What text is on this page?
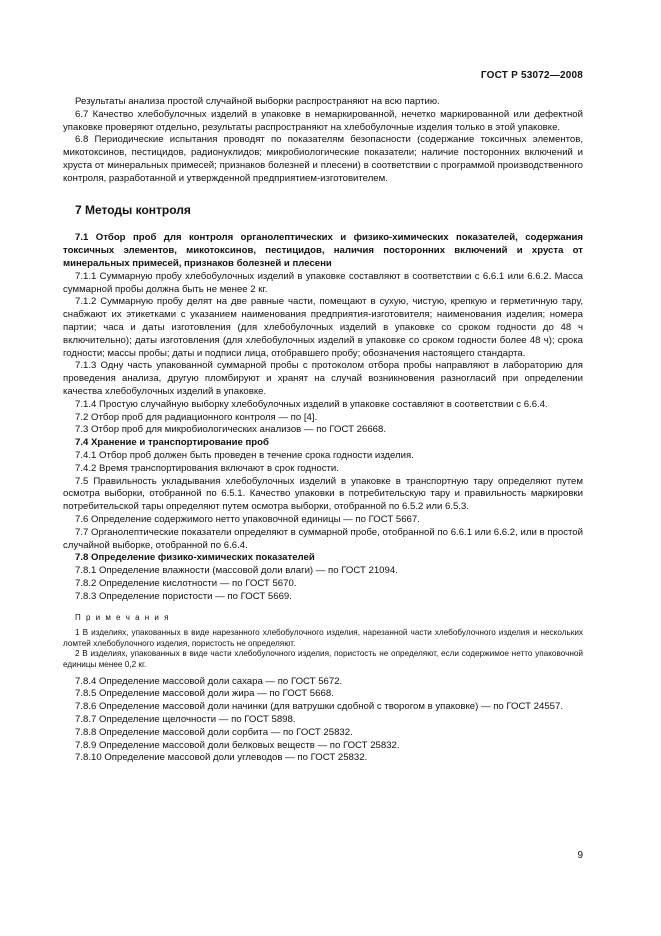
ГОСТ Р 53072—2008

Результаты анализа простой случайной выборки распространяют на всю партию.

6.7 Качество хлебобулочных изделий в упаковке в немаркированной, нечетко маркированной или дефектной упаковке проверяют отдельно, результаты распространяют на хлебобулочные изделия только в этой упаковке.

6.8 Периодические испытания проводят по показателям безопасности (содержание токсичных элементов, микотоксинов, пестицидов, радионуклидов; микробиологические показатели; наличие посторонних включений и хруста от минеральных примесей; признаков болезней и плесени) в соответствии с программой производственного контроля, разработанной и утвержденной предприятием-изготовителем.

7 Методы контроля

7.1 Отбор проб для контроля органолептических и физико-химических показателей, содержания токсичных элементов, микотоксинов, пестицидов, наличия посторонних включений и хруста от минеральных примесей, признаков болезней и плесени

7.1.1 Суммарную пробу хлебобулочных изделий в упаковке составляют в соответствии с 6.6.1 или 6.6.2. Масса суммарной пробы должна быть не менее 2 кг.

7.1.2 Суммарную пробу делят на две равные части, помещают в сухую, чистую, крепкую и герметичную тару, снабжают их этикетками с указанием наименования предприятия-изготовителя; наименования изделия; номера партии; часа и даты изготовления (для хлебобулочных изделий в упаковке со сроком годности до 48 ч включительно); даты изготовления (для хлебобулочных изделий в упаковке со сроком годности более 48 ч); срока годности; массы пробы; даты и подписи лица, отобравшего пробу; обозначения настоящего стандарта.

7.1.3 Одну часть упакованной суммарной пробы с протоколом отбора пробы направляют в лабораторию для проведения анализа, другую пломбируют и хранят на случай возникновения разногласий при определении качества хлебобулочных изделий в упаковке.

7.1.4 Простую случайную выборку хлебобулочных изделий в упаковке составляют в соответствии с 6.6.4.

7.2 Отбор проб для радиационного контроля — по [4].

7.3 Отбор проб для микробиологических анализов — по ГОСТ 26668.

7.4 Хранение и транспортирование проб

7.4.1 Отбор проб должен быть проведен в течение срока годности изделия.

7.4.2 Время транспортирования включают в срок годности.

7.5 Правильность укладывания хлебобулочных изделий в упаковке в транспортную тару определяют путем осмотра выборки, отобранной по 6.5.1. Качество упаковки в потребительскую тару и правильность маркировки потребительской тары определяют путем осмотра выборки, отобранной по 6.5.2 или 6.5.3.

7.6 Определение содержимого нетто упаковочной единицы — по ГОСТ 5667.

7.7 Органолептические показатели определяют в суммарной пробе, отобранной по 6.6.1 или 6.6.2, или в простой случайной выборке, отобранной по 6.6.4.

7.8 Определение физико-химических показателей

7.8.1 Определение влажности (массовой доли влаги) — по ГОСТ 21094.

7.8.2 Определение кислотности — по ГОСТ 5670.

7.8.3 Определение пористости — по ГОСТ 5669.

П р и м е ч а н и я

1 В изделиях, упакованных в виде нарезанного хлебобулочного изделия, нарезанной части хлебобулочного изделия и нескольких ломтей хлебобулочного изделия, пористость не определяют.

2 В изделиях, упакованных в виде части хлебобулочного изделия, пористость не определяют, если содержимое нетто упаковочной единицы менее 0,2 кг.

7.8.4 Определение массовой доли сахара — по ГОСТ 5672.

7.8.5 Определение массовой доли жира — по ГОСТ 5668.

7.8.6 Определение массовой доли начинки (для ватрушки сдобной с творогом в упаковке) — по ГОСТ 24557.

7.8.7 Определение щелочности — по ГОСТ 5898.

7.8.8 Определение массовой доли сорбита — по ГОСТ 25832.

7.8.9 Определение массовой доли белковых веществ — по ГОСТ 25832.

7.8.10 Определение массовой доли углеводов — по ГОСТ 25832.

9
